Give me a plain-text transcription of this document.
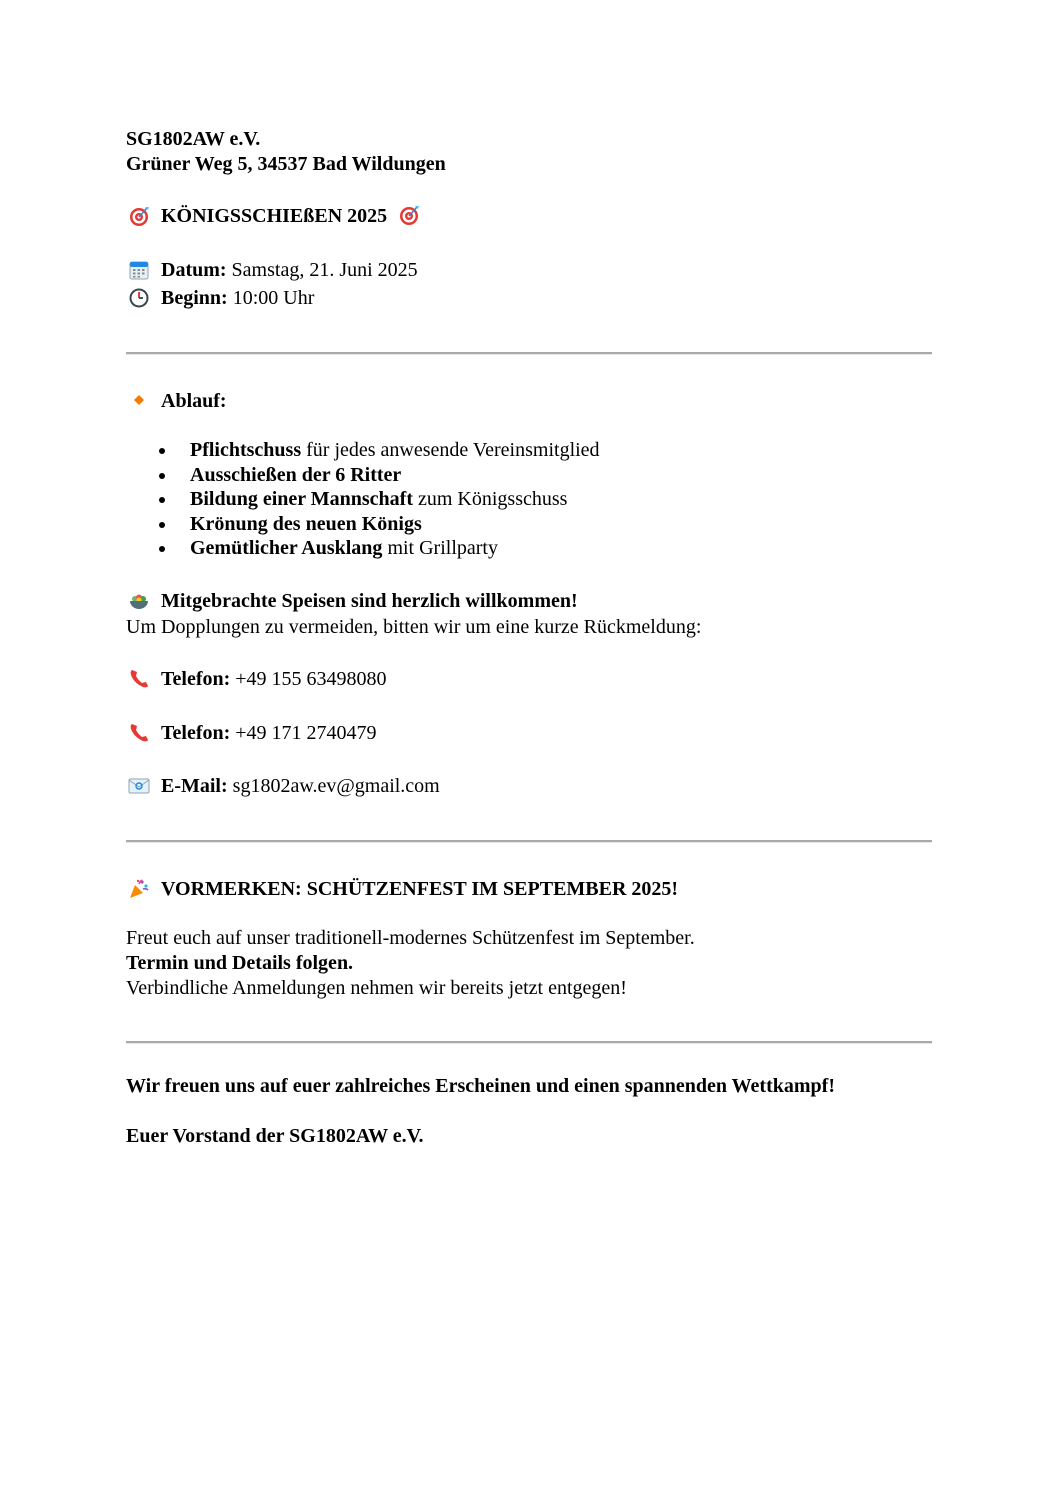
SG1802AW e.V.
Grüner Weg 5, 34537 Bad Wildungen
KÖNIGSSCHIEßEN 2025
Datum: Samstag, 21. Juni 2025
Beginn: 10:00 Uhr
Ablauf:
Pflichtschuss für jedes anwesende Vereinsmitglied
Ausschießen der 6 Ritter
Bildung einer Mannschaft zum Königsschuss
Krönung des neuen Königs
Gemütlicher Ausklang mit Grillparty
Mitgebrachte Speisen sind herzlich willkommen!
Um Dopplungen zu vermeiden, bitten wir um eine kurze Rückmeldung:
Telefon: +49 155 63498080
Telefon: +49 171 2740479
E-Mail: sg1802aw.ev@gmail.com
VORMERKEN: SCHÜTZENFEST IM SEPTEMBER 2025!
Freut euch auf unser traditionell-modernes Schützenfest im September.
Termin und Details folgen.
Verbindliche Anmeldungen nehmen wir bereits jetzt entgegen!
Wir freuen uns auf euer zahlreiches Erscheinen und einen spannenden Wettkampf!
Euer Vorstand der SG1802AW e.V.
